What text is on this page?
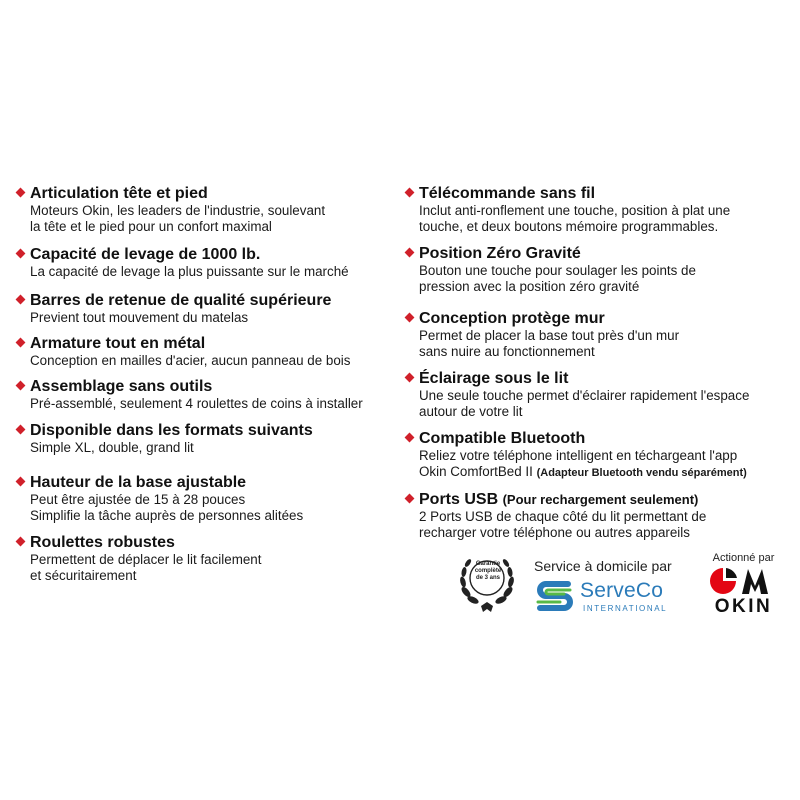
Articulation tête et pied
Moteurs Okin, les leaders de l'industrie, soulevant
la tête et le pied pour un confort maximal
Capacité de levage de 1000 lb.
La capacité de levage la plus puissante sur le marché
Barres de retenue de qualité supérieure
Previent tout mouvement du matelas
Armature tout en métal
Conception en mailles d'acier, aucun panneau de bois
Assemblage sans outils
Pré-assemblé, seulement 4 roulettes de coins à installer
Disponible dans les formats suivants
Simple XL, double, grand lit
Hauteur de la base ajustable
Peut être ajustée de 15 à 28 pouces
Simplifie la tâche auprès de personnes alitées
Roulettes robustes
Permettent de déplacer le lit facilement
et sécuritairement
Télécommande sans fil
Inclut anti-ronflement une touche, position à plat une
touche, et deux boutons mémoire programmables.
Position Zéro Gravité
Bouton une touche pour soulager les points de
pression avec la position zéro gravité
Conception protège mur
Permet de placer la base tout près d'un mur
sans nuire au fonctionnement
Éclairage sous le lit
Une seule touche permet d'éclairer rapidement l'espace
autour de votre lit
Compatible Bluetooth
Reliez votre téléphone intelligent en téchargeant l'app
Okin ComfortBed II (Adapteur Bluetooth vendu séparément)
Ports USB (Pour rechargement seulement)
2 Ports USB de chaque côté du lit permettant de
recharger votre téléphone ou autres appareils
Garantie complète de 3 ans
Service à domicile par
ServeCo
INTERNATIONAL
Actionné par
OKIN
